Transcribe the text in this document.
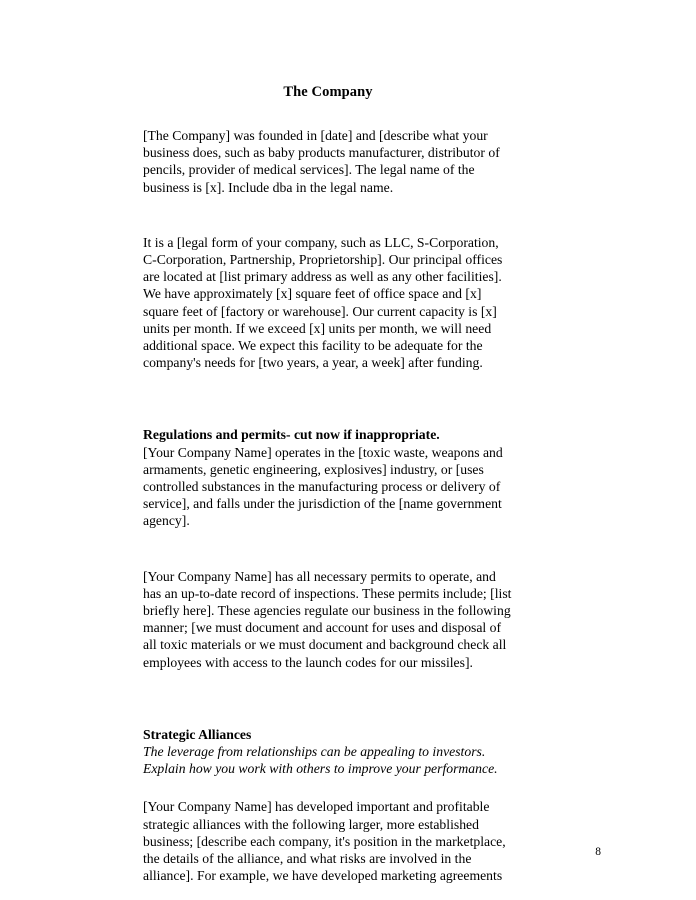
The Company

[The Company] was founded in [date] and [describe what your business does, such as baby products manufacturer, distributor of pencils, provider of medical services]. The legal name of the business is [x]. Include dba in the legal name.

It is a [legal form of your company, such as LLC, S-Corporation, C-Corporation, Partnership, Proprietorship]. Our principal offices are located at [list primary address as well as any other facilities]. We have approximately [x] square feet of office space and [x] square feet of [factory or warehouse]. Our current capacity is [x] units per month. If we exceed [x] units per month, we will need additional space. We expect this facility to be adequate for the company's needs for [two years, a year, a week] after funding.

Regulations and permits- cut now if inappropriate.

[Your Company Name] operates in the [toxic waste, weapons and armaments, genetic engineering, explosives] industry, or [uses controlled substances in the manufacturing process or delivery of service], and falls under the jurisdiction of the [name government agency].

[Your Company Name] has all necessary permits to operate, and has an up-to-date record of inspections. These permits include; [list briefly here]. These agencies regulate our business in the following manner; [we must document and account for uses and disposal of all toxic materials or we must document and background check all employees with access to the launch codes for our missiles].

Strategic Alliances

The leverage from relationships can be appealing to investors.

Explain how you work with others to improve your performance.

[Your Company Name] has developed important and profitable strategic alliances with the following larger, more established business; [describe each company, it's position in the marketplace, the details of the alliance, and what risks are involved in the alliance]. For example, we have developed marketing agreements

8
